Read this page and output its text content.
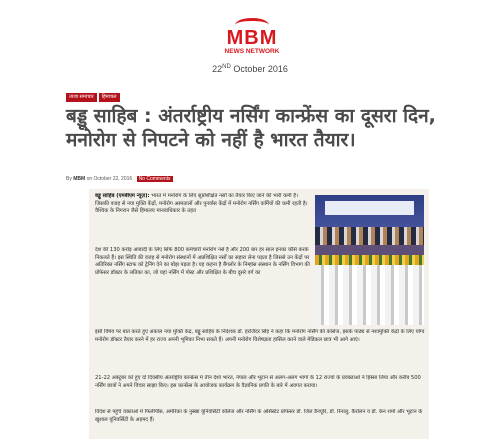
MBM
NEWS NETWORK
22ND October 2016
ताजा समाचार	हिमाचल
बड्डू साहिब : अंतर्राष्ट्रीय नर्सिंग कान्फ्रेंस का दूसरा दिन, मनोरोग से निपटने को नहीं है भारत तैयार।
By MBM on October 22, 2016 No Comments
बड्डू साहिब (एमबीएम न्यूज़): भारत में मनोरोग के लिए सुप्रशिक्षित नर्सों का तैयार किए जाने की भारी कमी है। जिसकी वजह से नया मुक्ति केंद्रों, मनोरोग अस्पतालों और पुनर्वास केंद्रों में मनोरोग नर्सिंग कर्मियों की कमी रहती है। वैश्विक के निगरान जैसे हिमालय मानवाधिकार के तहत
देश की 130 करोड़ आबादी के लिए सिर्फ 800 कर्मचारी मनोरोग नर्स हैं और 200 बार हर साल इनका कौर्स करके निकलते हैं। इस स्थिति की वजह से मनोरोग संस्थानों में अप्रशिक्षित नर्सों का सहारा लेना पड़ता है जिससे उन केंद्रों पर अतिरिक्त नर्सिंग स्टाफ को ट्रेनिंग देने का बोझ पड़ता है। यह कहना है बैंगलोर के निम्हांस संस्थान के नर्सिंग विभाग की प्रोफेसर डॉक्टर के लतिका का, जो यहां नर्सिंग में पोस्ट और प्रशिक्षित के बीच दूसरे वर्ग का
इसी विषय पर बात करते हुए अकाल नया मुक्ति केंद्र, बड्डू साहिब के निदेशक डॉ. हरजिंदर सिंह ने कहा कि मनोरोग नर्सिंग की कोर्सेज, इसके पाठ्य से नशामुक्ति केंद्रों के लिए योग्य मनोरोग डॉक्टर तैयार करने में हर राज्य अपनी भूमिका निभा सकते हैं। अपनी मनोरोग विशेषज्ञता हासिल करने वाले मेडिकल छात्र भी आगे आएं।
21-22 अक्टूबर को हुए दो दिवसीय अंतर्राष्ट्रीय कान्फ्रेंस में तीन देशों भारत, नेपाल और भूटान से अलग-अलग भागों के 12 राज्यों के प्रवक्ताओं ने हिस्सा लिया और करीब 500 नर्सिंग छात्रों ने अपने विचार साझा किए। इस कान्फ्रेंस के आयोजक कार्यक्रम के वैज्ञानिक प्रगति के बारे में अवगत कराया।
विदेश से पहुंचे वक्ताओं में फिलीपींस, अमेरिका के नुस्खा यूनिवर्सिटी कॉलेज और नर्सिंग के असिस्टेंट प्रोफेसर डॉ. जिल डैनयूरि, डॉ. रिनालु, कैरोलन व डॉ. केन शर्मा और भूटान के खुशाल यूनिवर्सिटी के अहमद हैं।
